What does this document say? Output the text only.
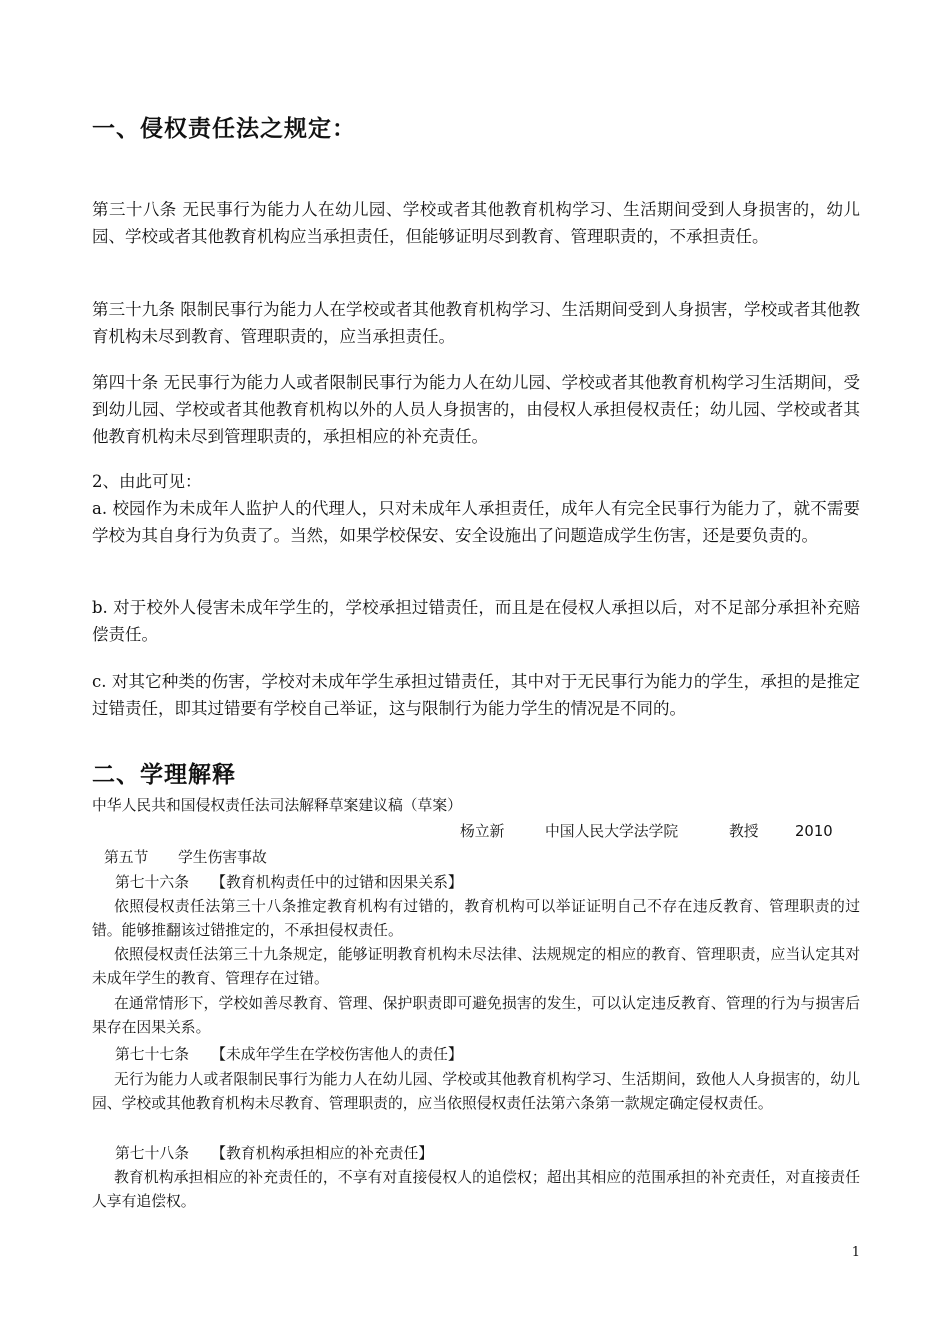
一、侵权责任法之规定：

第三十八条 无民事行为能力人在幼儿园、学校或者其他教育机构学习、生活期间受到人身损害的，幼儿园、学校或者其他教育机构应当承担责任，但能够证明尽到教育、管理职责的，不承担责任。

第三十九条 限制民事行为能力人在学校或者其他教育机构学习、生活期间受到人身损害，学校或者其他教育机构未尽到教育、管理职责的，应当承担责任。

第四十条 无民事行为能力人或者限制民事行为能力人在幼儿园、学校或者其他教育机构学习生活期间，受到幼儿园、学校或者其他教育机构以外的人员人身损害的，由侵权人承担侵权责任；幼儿园、学校或者其他教育机构未尽到管理职责的，承担相应的补充责任。

2、由此可见：

a. 校园作为未成年人监护人的代理人，只对未成年人承担责任，成年人有完全民事行为能力了，就不需要学校为其自身行为负责了。当然，如果学校保安、安全设施出了问题造成学生伤害，还是要负责的。

b. 对于校外人侵害未成年学生的，学校承担过错责任，而且是在侵权人承担以后，对不足部分承担补充赔偿责任。

c. 对其它种类的伤害，学校对未成年学生承担过错责任，其中对于无民事行为能力的学生，承担的是推定过错责任，即其过错要有学校自己举证，这与限制行为能力学生的情况是不同的。

二、学理解释

中华人民共和国侵权责任法司法解释草案建议稿（草案）

杨立新	中国人民大学法学院	教授 2010

第五节　　学生伤害事故

第七十六条　　【教育机构责任中的过错和因果关系】

依照侵权责任法第三十八条推定教育机构有过错的，教育机构可以举证证明自己不存在违反教育、管理职责的过错。能够推翻该过错推定的，不承担侵权责任。

依照侵权责任法第三十九条规定，能够证明教育机构未尽法律、法规规定的相应的教育、管理职责，应当认定其对未成年学生的教育、管理存在过错。

在通常情形下，学校如善尽教育、管理、保护职责即可避免损害的发生，可以认定违反教育、管理的行为与损害后果存在因果关系。

第七十七条　　【未成年学生在学校伤害他人的责任】

无行为能力人或者限制民事行为能力人在幼儿园、学校或其他教育机构学习、生活期间，致他人人身损害的，幼儿园、学校或其他教育机构未尽教育、管理职责的，应当依照侵权责任法第六条第一款规定确定侵权责任。

第七十八条　　【教育机构承担相应的补充责任】

教育机构承担相应的补充责任的，不享有对直接侵权人的追偿权；超出其相应的范围承担的补充责任，对直接责任人享有追偿权。

1
